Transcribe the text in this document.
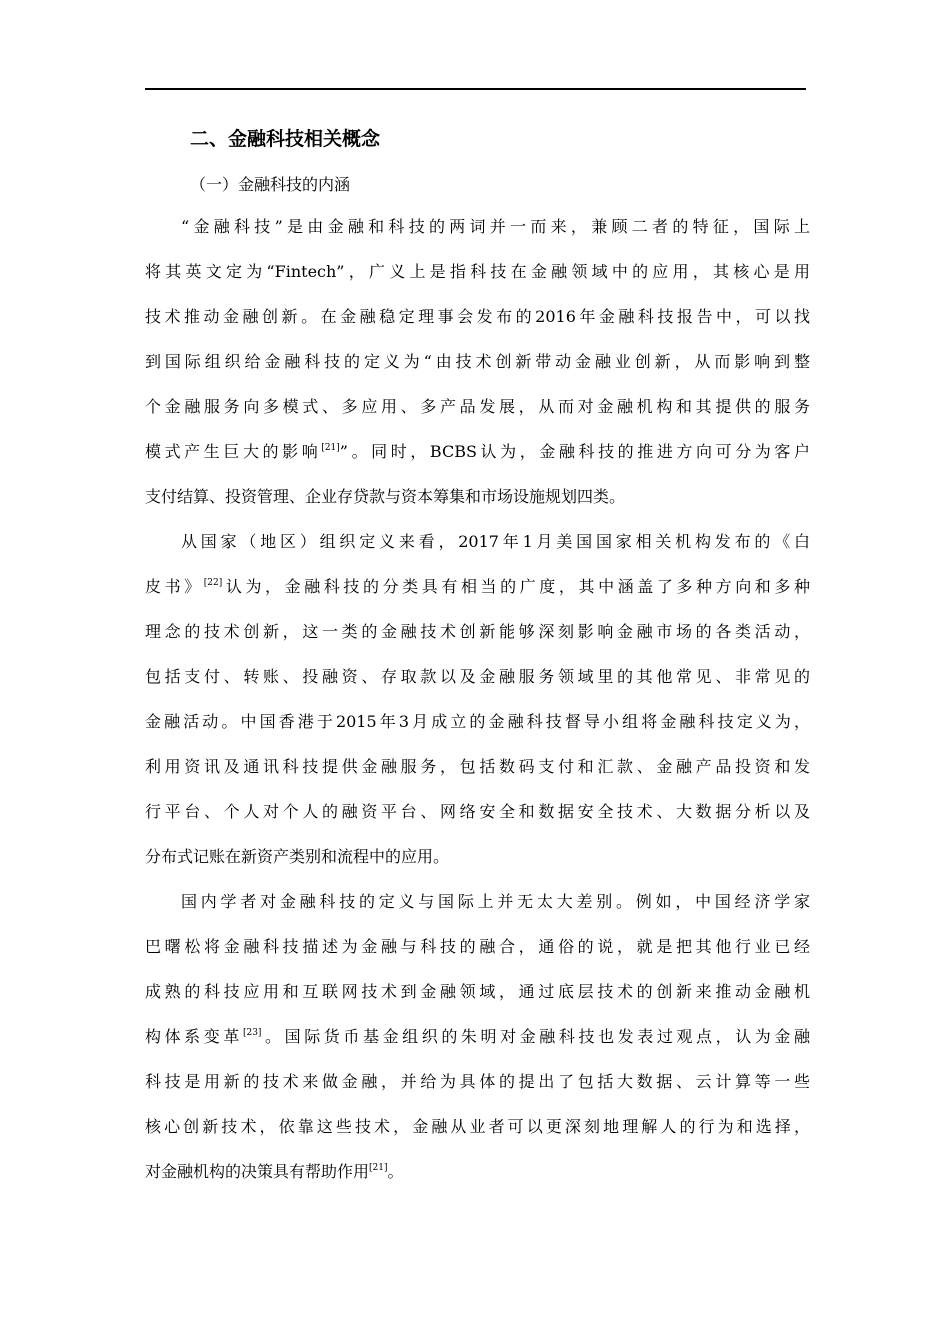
二、金融科技相关概念
（一）金融科技的内涵
“金融科技”是由金融和科技的两词并一而来，兼顾二者的特征，国际上
将其英文定为“Fintech”，广义上是指科技在金融领域中的应用，其核心是用
技术推动金融创新。在金融稳定理事会发布的2016年金融科技报告中，可以找
到国际组织给金融科技的定义为“由技术创新带动金融业创新，从而影响到整
个金融服务向多模式、多应用、多产品发展，从而对金融机构和其提供的服务
模式产生巨大的影响[21]”。同时，BCBS认为，金融科技的推进方向可分为客户
支付结算、投资管理、企业存贷款与资本筹集和市场设施规划四类。
从国家（地区）组织定义来看，2017年1月美国国家相关机构发布的《白
皮书》[22]认为，金融科技的分类具有相当的广度，其中涵盖了多种方向和多种
理念的技术创新，这一类的金融技术创新能够深刻影响金融市场的各类活动，
包括支付、转账、投融资、存取款以及金融服务领域里的其他常见、非常见的
金融活动。中国香港于2015年3月成立的金融科技督导小组将金融科技定义为，
利用资讯及通讯科技提供金融服务，包括数码支付和汇款、金融产品投资和发
行平台、个人对个人的融资平台、网络安全和数据安全技术、大数据分析以及
分布式记账在新资产类别和流程中的应用。
国内学者对金融科技的定义与国际上并无太大差别。例如，中国经济学家
巴曙松将金融科技描述为金融与科技的融合，通俗的说，就是把其他行业已经
成熟的科技应用和互联网技术到金融领域，通过底层技术的创新来推动金融机
构体系变革[23]。国际货币基金组织的朱明对金融科技也发表过观点，认为金融
科技是用新的技术来做金融，并给为具体的提出了包括大数据、云计算等一些
核心创新技术，依靠这些技术，金融从业者可以更深刻地理解人的行为和选择，
对金融机构的决策具有帮助作用[21]。
